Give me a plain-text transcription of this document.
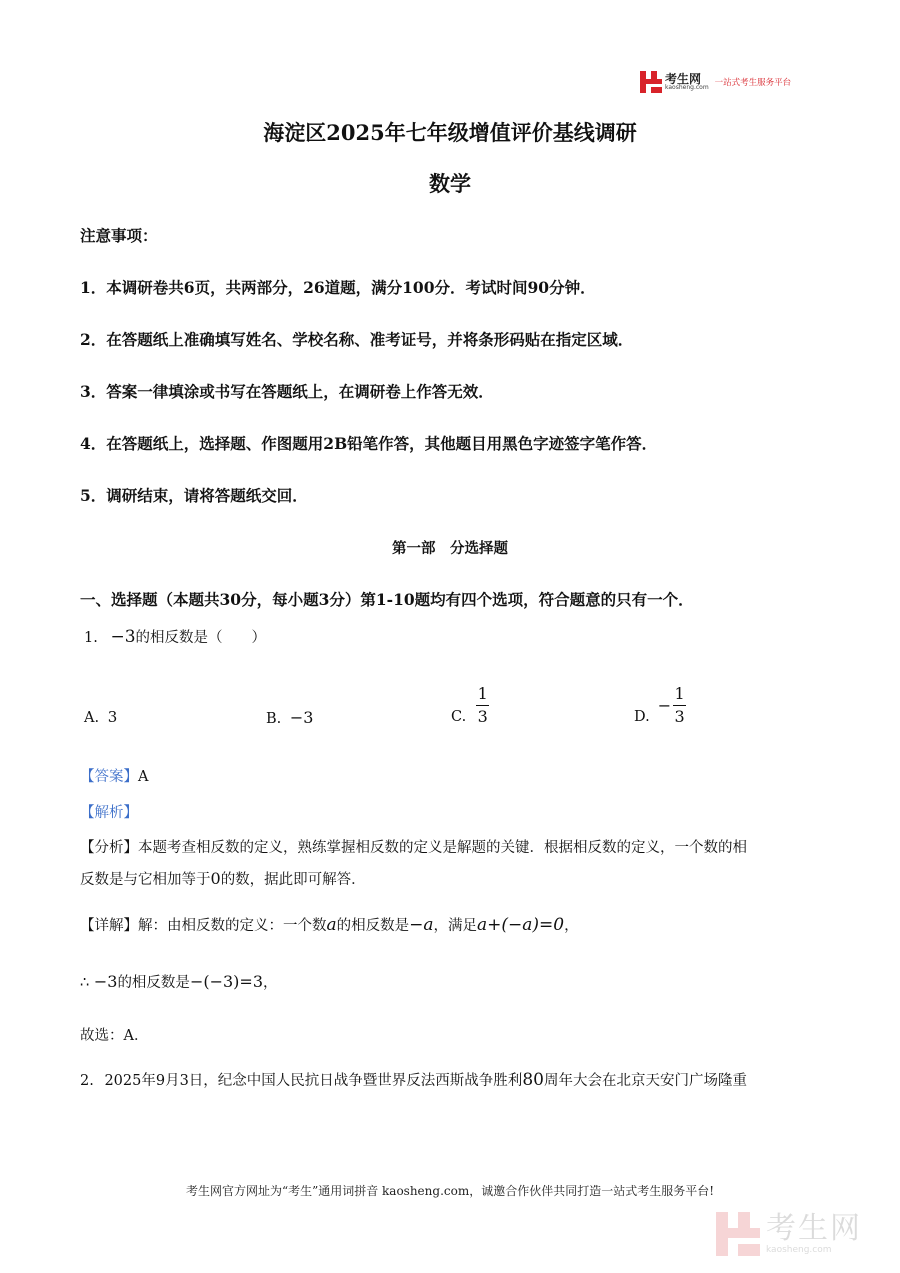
考生网
kaosheng.com 一站式考生服务平台
海淀区2025年七年级增值评价基线调研
数学
注意事项：
1．本调研卷共6页，共两部分，26道题，满分100分．考试时间90分钟．
2．在答题纸上准确填写姓名、学校名称、准考证号，并将条形码贴在指定区域．
3．答案一律填涂或书写在答题纸上，在调研卷上作答无效．
4．在答题纸上，选择题、作图题用2B铅笔作答，其他题目用黑色字迹签字笔作答．
5．调研结束，请将答题纸交回．
第一部　分选择题
一、选择题（本题共30分，每小题3分）第1-10题均有四个选项，符合题意的只有一个．
1. −3的相反数是（　　）
A. 3	B. −3	C. $\frac{1}{3}$	D.
− $\frac{1}{3}$
【答案】A
【解析】
【分析】本题考查相反数的定义，熟练掌握相反数的定义是解题的关键．根据相反数的定义，一个数的相
反数是与它相加等于0的数，据此即可解答．
【详解】解：由相反数的定义：一个数a的相反数是−a，满足a+(−a)=0，
∴ −3的相反数是−(−3)=3，
故选：A．
2. 2025年9月3日，纪念中国人民抗日战争暨世界反法西斯战争胜利80周年大会在北京天安门广场隆重
考生网官方网址为“考生”通用词拼音 kaosheng.com，诚邀合作伙伴共同打造一站式考生服务平台!
考生网
kaosheng.com
